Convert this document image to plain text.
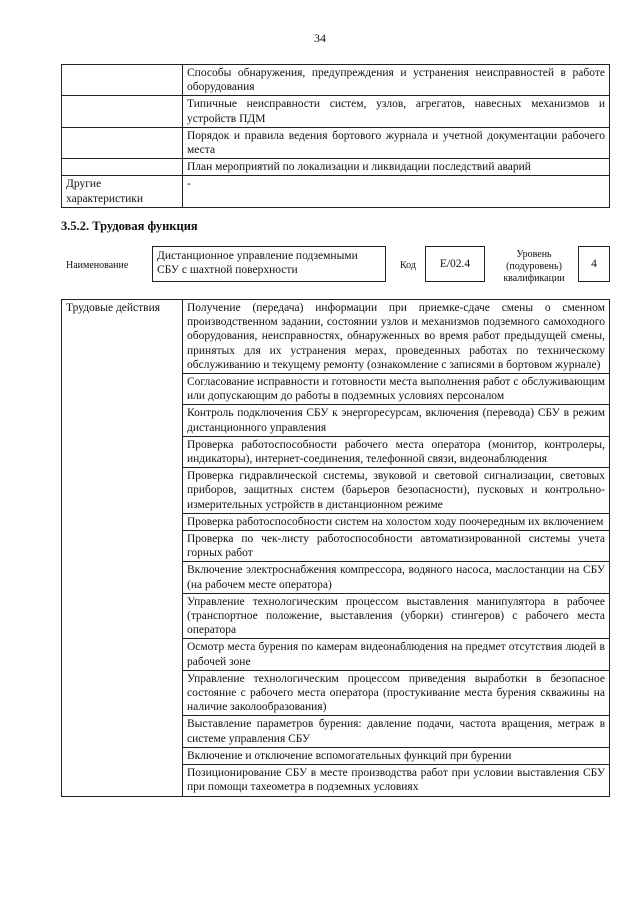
34
	Способы обнаружения, предупреждения и устранения неисправностей в работе оборудования
	Типичные неисправности систем, узлов, агрегатов, навесных механизмов и устройств ПДМ
	Порядок и правила ведения бортового журнала и учетной документации рабочего места
	План мероприятий по локализации и ликвидации последствий аварий
Другие характеристики	-
3.5.2. Трудовая функция
Наименование
Дистанционное управление подземными СБУ с шахтной поверхности	Код	E/02.4
Уровень (подуровень) квалификации
4
Трудовые действия	Получение (передача) информации при приемке-сдаче смены о сменном производственном задании, состоянии узлов и механизмов подземного самоходного оборудования, неисправностях, обнаруженных во время работ предыдущей смены, принятых для их устранения мерах, проведенных работах по техническому обслуживанию и текущему ремонту (ознакомление с записями в бортовом журнале)
Согласование исправности и готовности места выполнения работ с обслуживающим или допускающим до работы в подземных условиях персоналом
Контроль подключения СБУ к энергоресурсам, включения (перевода) СБУ в режим дистанционного управления
Проверка работоспособности рабочего места оператора (монитор, контролеры, индикаторы), интернет-соединения, телефонной связи, видеонаблюдения
Проверка гидравлической системы, звуковой и световой сигнализации, световых приборов, защитных систем (барьеров безопасности), пусковых и контрольно-измерительных устройств в дистанционном режиме
Проверка работоспособности систем на холостом ходу поочередным их включением
Проверка по чек-листу работоспособности автоматизированной системы учета горных работ
Включение электроснабжения компрессора, водяного насоса, маслостанции на СБУ (на рабочем месте оператора)
Управление технологическим процессом выставления манипулятора в рабочее (транспортное положение, выставления (уборки) стингеров) с рабочего места оператора
Осмотр места бурения по камерам видеонаблюдения на предмет отсутствия людей в рабочей зоне
Управление технологическим процессом приведения выработки в безопасное состояние с рабочего места оператора (простукивание места бурения скважины на наличие заколообразования)
Выставление параметров бурения: давление подачи, частота вращения, метраж в системе управления СБУ
Включение и отключение вспомогательных функций при бурении
Позиционирование СБУ в месте производства работ при условии выставления СБУ при помощи тахеометра в подземных условиях
